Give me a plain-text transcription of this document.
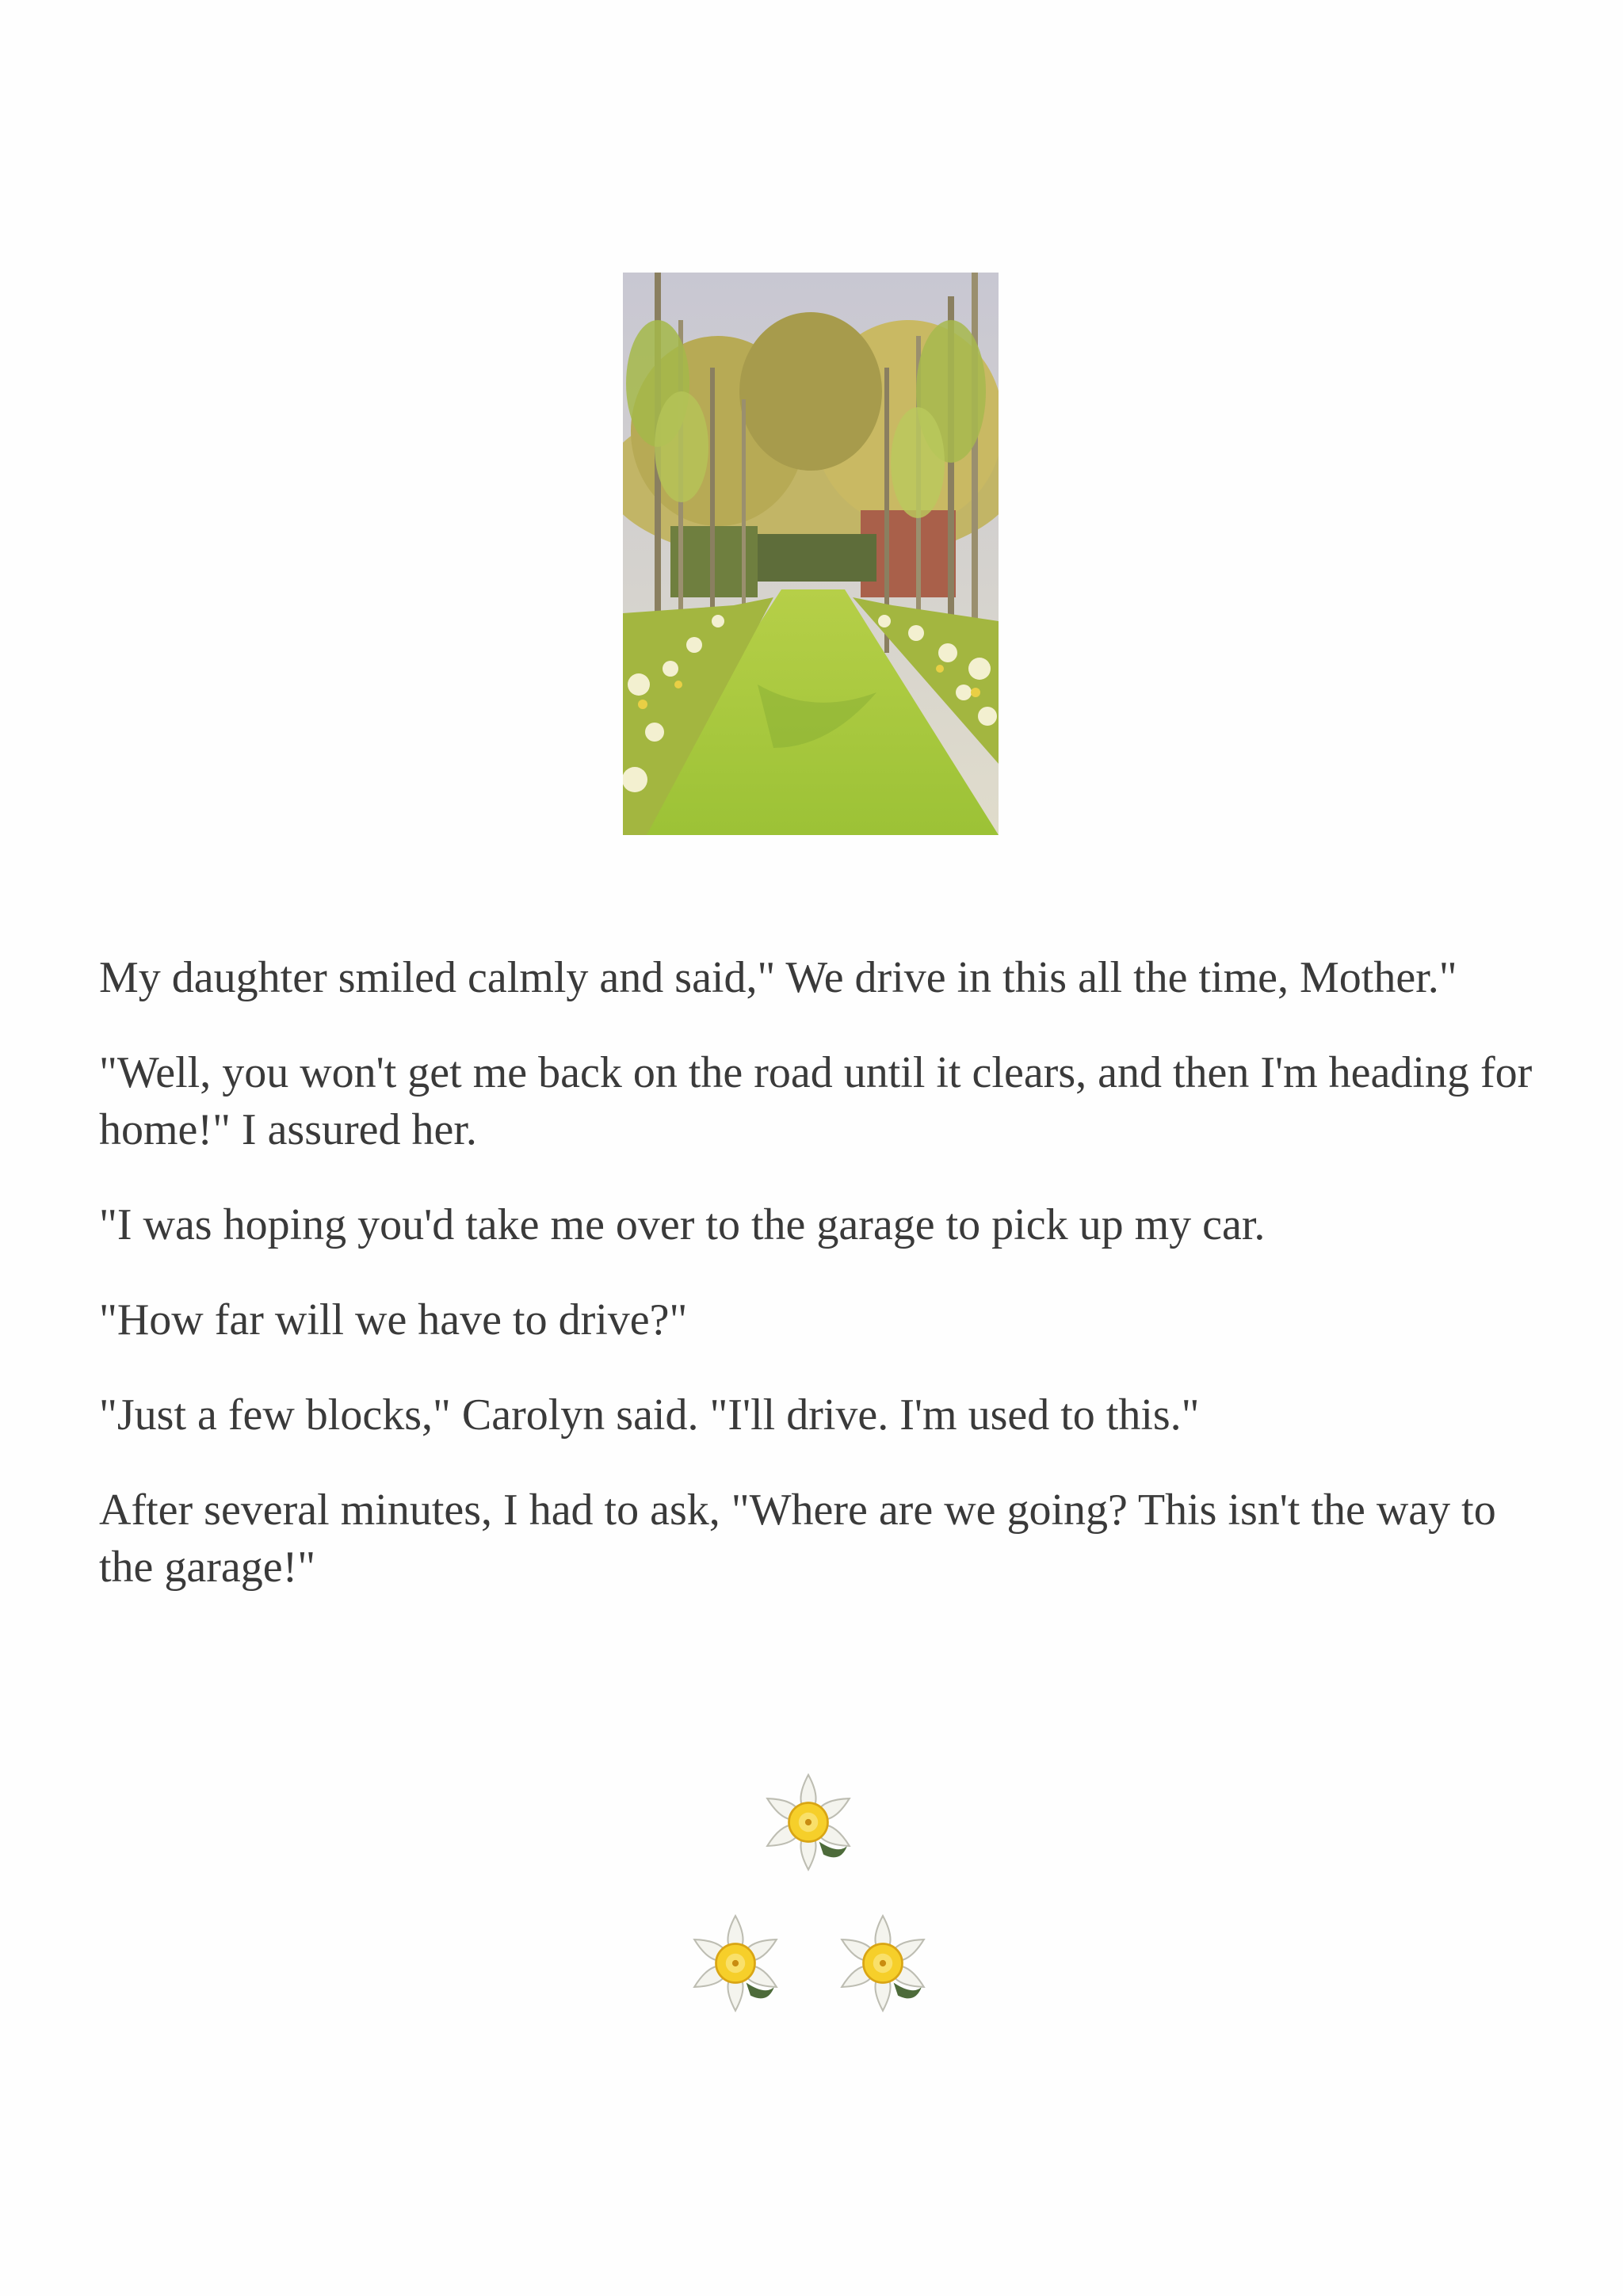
My daughter smiled calmly and said," We drive in this all the time, Mother."

"Well, you won't get me back on the road until it clears, and then I'm heading for home!" I assured her.

"I was hoping you'd take me over to the garage to pick up my car.

"How far will we have to drive?"

"Just a few blocks," Carolyn said. "I'll drive. I'm used to this."

After several minutes, I had to ask, "Where are we going? This isn't the way to the garage!"
